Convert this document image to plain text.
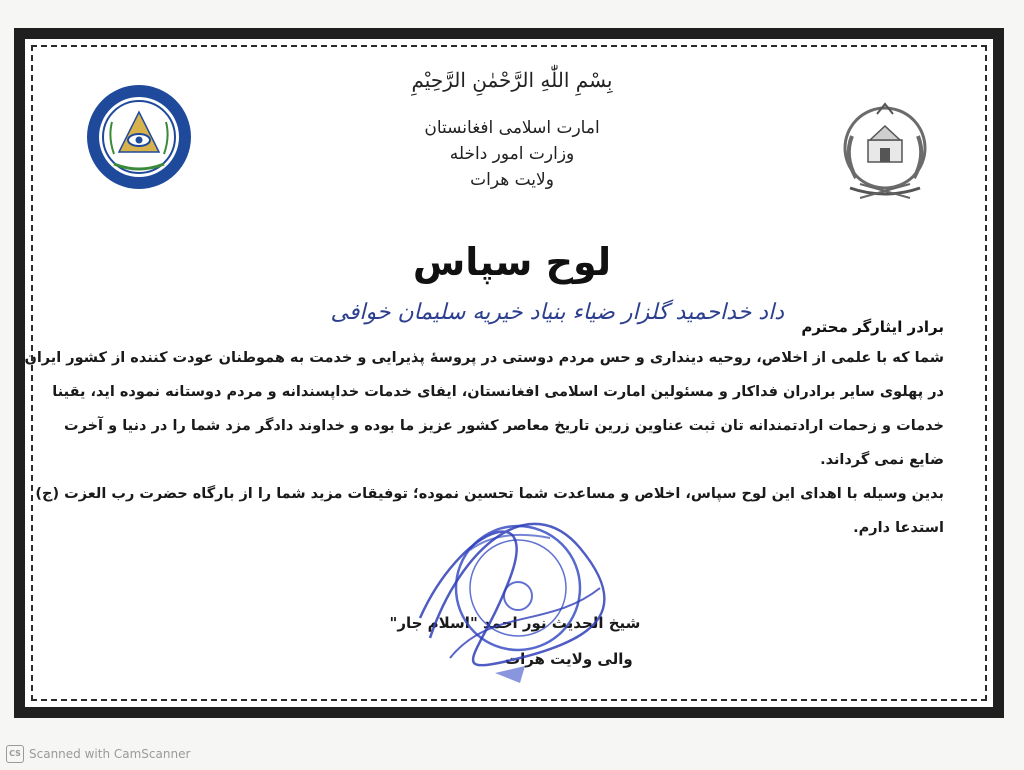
بِسْمِ اللّٰهِ الرَّحْمٰنِ الرَّحِيْمِ
امارت اسلامی افغانستان
وزارت امور داخله
ولایت هرات
لوح سپاس
برادر ایثارگر محترم
داد خداحمید گلزار ضیاء بنیاد خیریه سلیمان خوافی
شما که با علمی از اخلاص، روحیه دینداری و حس مردم دوستی در پروسهٔ پذیرایی و خدمت به هموطنان عودت کننده از کشور ایران
در پهلوی سایر برادران فداکار و مسئولین امارت اسلامی افغانستان، ایفای خدمات خداپسندانه و مردم دوستانه نموده اید، یقینا
خدمات و زحمات ارادتمندانه تان ثبت عناوین زرین تاریخ معاصر کشور عزیز ما بوده و خداوند دادگر مزد شما را در دنیا و آخرت
ضایع نمی گرداند.
بدین وسیله با اهدای این لوح سپاس، اخلاص و مساعدت شما تحسین نموده؛ توفیقات مزید شما را از بارگاه حضرت رب العزت (ج)
استدعا دارم.
شیخ الحدیث نور احمد "اسلام جار"
والی ولایت هرات
CS Scanned with CamScanner
